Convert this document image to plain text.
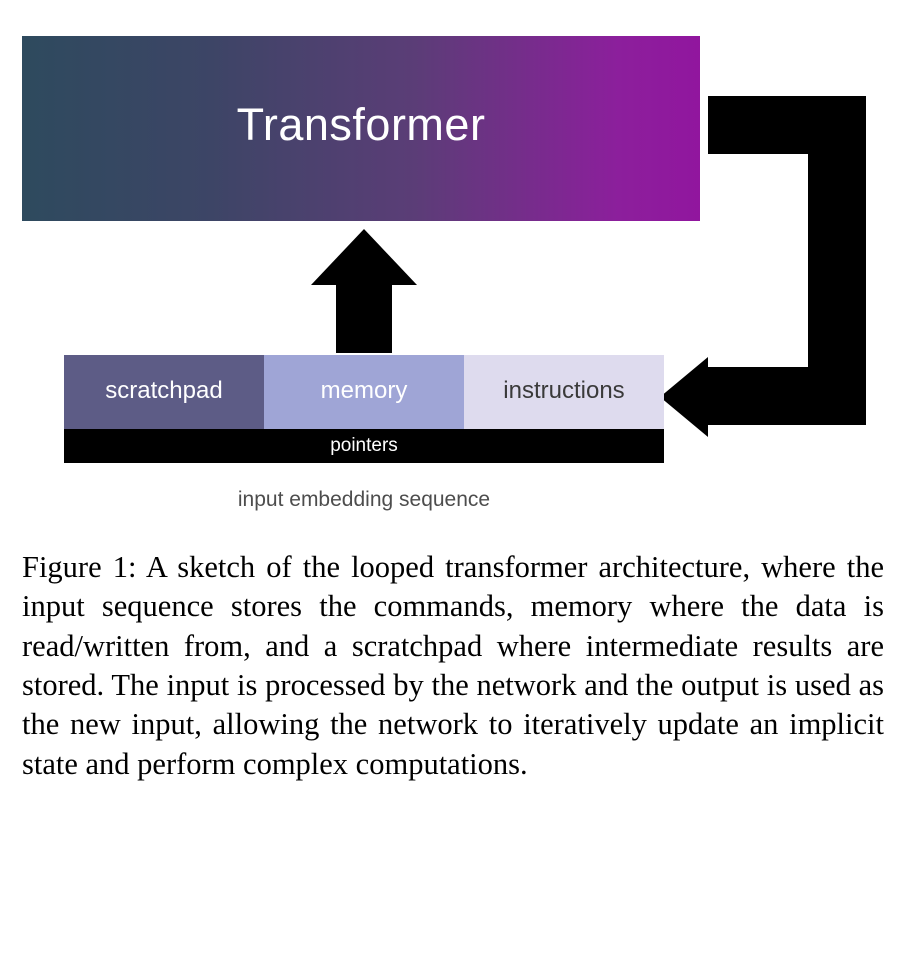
Transformer
scratchpad	memory	instructions
pointers
input embedding sequence
Figure 1: A sketch of the looped transformer architecture, where the input sequence stores the commands, memory where the data is read/written from, and a scratchpad where intermediate results are stored. The input is processed by the network and the output is used as the new input, allowing the network to iteratively update an implicit state and perform complex computations.
